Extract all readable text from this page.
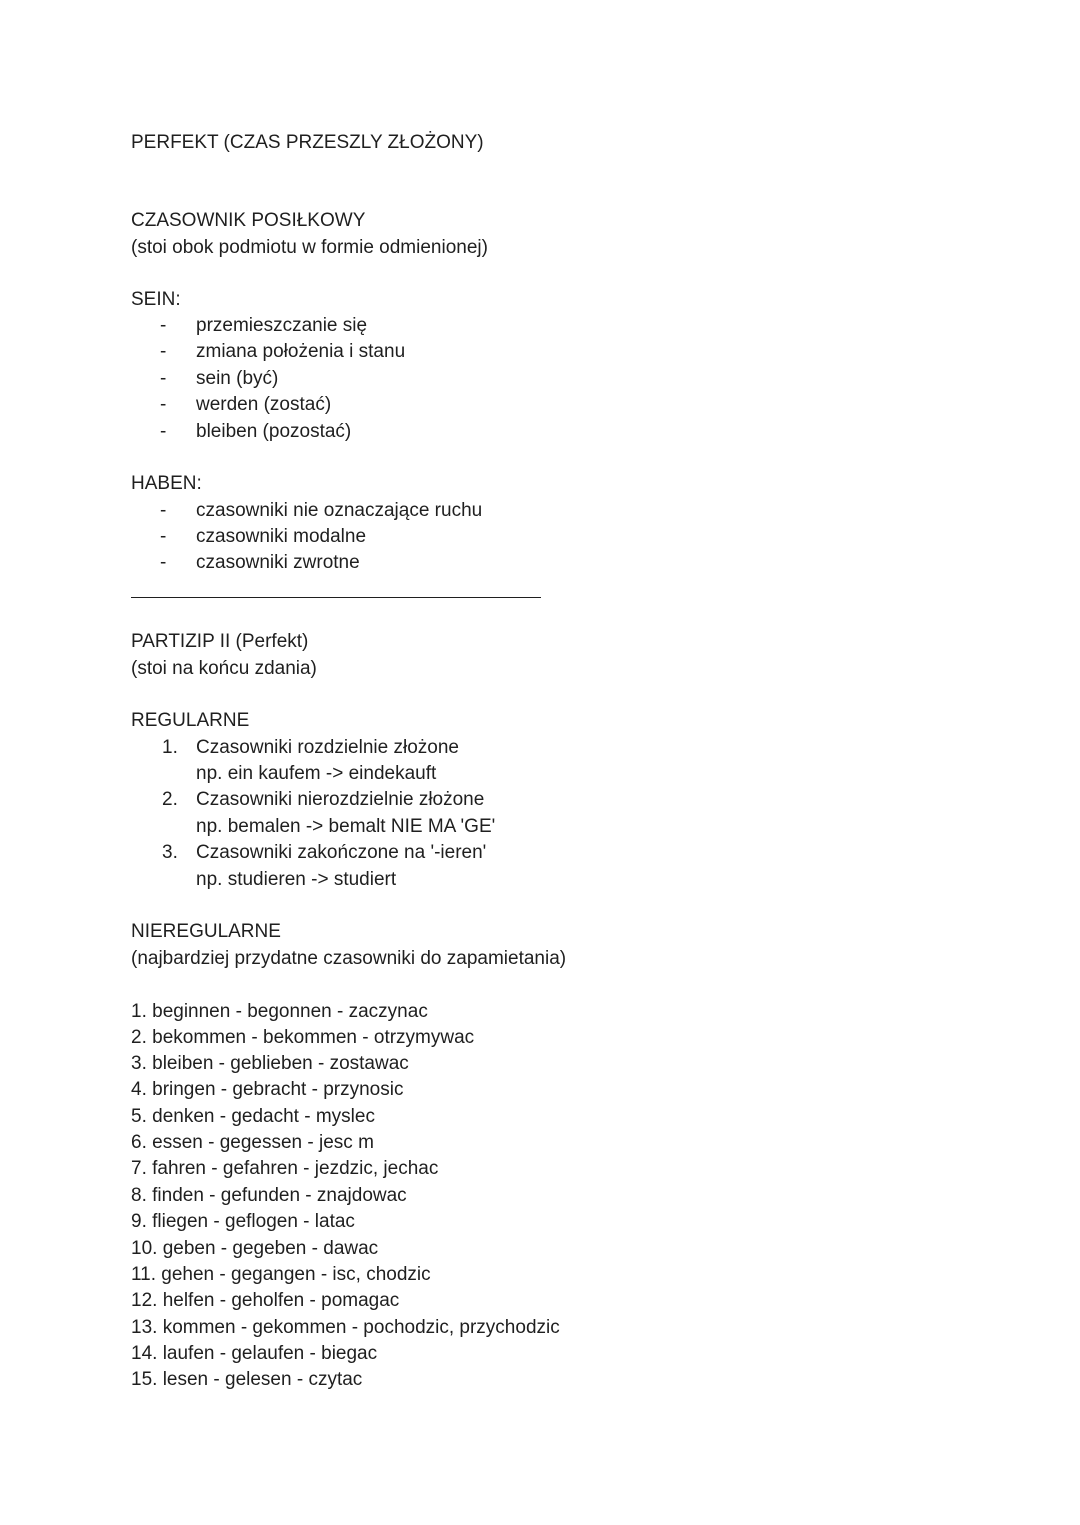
PERFEKT (CZAS PRZESZLY ZŁOŻONY)
CZASOWNIK POSIŁKOWY
(stoi obok podmiotu w formie odmienionej)
SEIN:
- przemieszczanie się
- zmiana położenia i stanu
- sein (być)
- werden (zostać)
- bleiben (pozostać)
HABEN:
- czasowniki nie oznaczające ruchu
- czasowniki modalne
- czasowniki zwrotne
PARTIZIP II (Perfekt)
(stoi na końcu zdania)
REGULARNE
1. Czasowniki rozdzielnie złożone
np. ein kaufem -> eindekauft
2. Czasowniki nierozdzielnie złożone
np. bemalen -> bemalt NIE MA 'GE'
3. Czasowniki zakończone na '-ieren'
np. studieren -> studiert
NIEREGULARNE
(najbardziej przydatne czasowniki do zapamietania)
1. beginnen - begonnen - zaczynac
2. bekommen - bekommen - otrzymywac
3. bleiben - geblieben - zostawac
4. bringen - gebracht - przynosic
5. denken - gedacht - myslec
6. essen - gegessen - jesc m
7. fahren - gefahren - jezdzic, jechac
8. finden - gefunden - znajdowac
9. fliegen - geflogen - latac
10. geben - gegeben - dawac
11. gehen - gegangen - isc, chodzic
12. helfen - geholfen - pomagac
13. kommen - gekommen - pochodzic, przychodzic
14. laufen - gelaufen - biegac
15. lesen - gelesen - czytac
